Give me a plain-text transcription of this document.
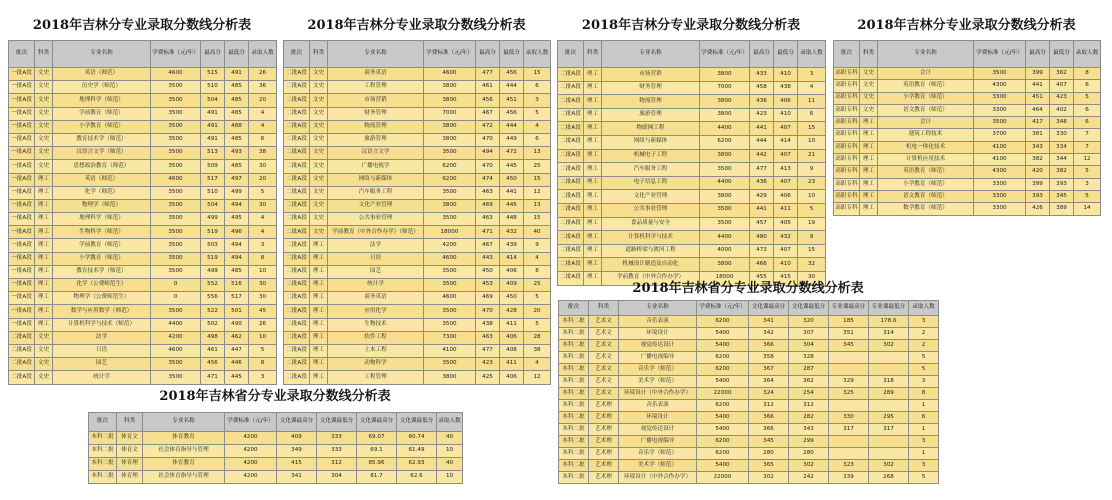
2018年吉林分专业录取分数线分析表
批次	科类	专业名称	学费标准（元/年）	最高分	最低分	录取人数
一批A段	文史	英语（师范）	4600	515	491	26
一批A段	文史	历史学（师范）	3500	510	485	36
一批A段	文史	地理科学（师范）	3500	504	485	20
一批A段	文史	学前教育（师范）	3500	491	485	4
一批A段	文史	小学教育（师范）	3500	491	488	4
一批A段	文史	教育技术学（师范）	3500	491	485	6
一批A段	文史	汉语言文学（师范）	3500	513	493	38
一批A段	文史	思想政治教育（师范）	3500	509	485	30
一批A段	理工	英语（师范）	4600	517	497	20
一批A段	理工	化学（师范）	3500	510	499	5
一批A段	理工	物理学（师范）	3500	504	494	30
一批A段	理工	地理科学（师范）	3500	499	495	4
一批A段	理工	生物科学（师范）	3500	519	496	4
一批A段	理工	学前教育（师范）	3500	503	494	3
一批A段	理工	小学教育（师范）	3500	519	494	8
一批A段	理工	教育技术学（师范）	3500	499	485	10
一批A段	理工	化学（公费师范生）	0	552	516	30
一批A段	理工	物理学（公费师范生）	0	556	517	30
一批A段	理工	数学与应用数学（师范）	3500	522	501	45
一批A段	理工	计算机科学与技术（师范）	4400	502	490	26
二批A段	文史	法学	4200	498	462	10
二批A段	文史	日语	4600	461	447	5
二批A段	文史	园艺	3500	456	446	8
二批A段	文史	统计学	3500	471	445	3
2018年吉林分专业录取分数线分析表
批次	科类	专业名称	学费标准（元/年）	最高分	最低分	录取人数
二批A段	文史	商务英语	4600	477	456	15
二批A段	文史	工程管理	3800	461	444	6
二批A段	文史	市场营销	3800	456	451	3
二批A段	文史	财务管理	7000	467	456	5
二批A段	文史	物流管理	3800	472	444	4
二批A段	文史	旅游管理	3800	470	449	6
二批A段	文史	汉语言文学	3500	494	472	13
二批A段	文史	广播电视学	6200	470	445	25
二批A段	文史	网络与新媒体	6200	474	450	15
二批A段	文史	汽车服务工程	3500	463	441	12
二批A段	文史	文化产业管理	3800	469	445	13
二批A段	文史	公共事业管理	3500	463	448	15
二批A段	文史	学前教育（中外合作办学）（师范）	18000	471	432	40
二批A段	理工	法学	4200	467	439	9
二批A段	理工	日语	4600	443	414	4
二批A段	理工	园艺	3500	450	406	8
二批A段	理工	统计学	3500	453	409	25
二批A段	理工	商务英语	4600	469	450	5
二批A段	理工	应用化学	3500	470	428	20
二批A段	理工	生物技术	3500	438	411	5
二批A段	理工	软件工程	7300	463	406	28
二批A段	理工	土木工程	4100	477	408	38
二批A段	理工	动物科学	3500	423	411	4
二批A段	理工	工程管理	3800	425	406	12
2018年吉林分专业录取分数线分析表
批次	科类	专业名称	学费标准（元/年）	最高分	最低分	录取人数
二批A段	理工	市场营销	3800	433	410	3
二批A段	理工	财务管理	7000	458	438	4
二批A段	理工	物流管理	3800	436	406	11
二批A段	理工	旅游管理	3800	423	410	6
二批A段	理工	物联网工程	4400	441	407	15
二批A段	理工	网络与新媒体	6200	444	414	10
二批A段	理工	机械电子工程	3800	442	407	21
二批A段	理工	汽车服务工程	3500	477	413	9
二批A段	理工	电子信息工程	4400	436	407	23
二批A段	理工	文化产业管理	3800	429	406	10
二批A段	理工	公共事业管理	3500	441	411	5
二批A段	理工	食品质量与安全	3500	457	405	19
二批A段	理工	计算机科学与技术	4400	480	432	9
二批A段	理工	道路桥梁与渡河工程	4000	473	407	15
二批A段	理工	机械设计制造及自动化	3800	466	410	32
二批A段	理工	学前教育（中外合作办学）	18000	455	415	30
2018年吉林分专业录取分数线分析表
批次	科类	专业名称	学费标准（元/年）	最高分	最低分	录取人数
高职专科	文史	会计	3500	399	362	8
高职专科	文史	英语教育（师范）	4300	441	407	6
高职专科	文史	小学教育（师范）	3300	451	423	5
高职专科	文史	语文教育（师范）	3300	464	402	6
高职专科	理工	会计	3500	417	348	6
高职专科	理工	建筑工程技术	3700	381	330	7
高职专科	理工	机电一体化技术	4100	343	334	7
高职专科	理工	计算机应用技术	4100	382	344	12
高职专科	理工	英语教育（师范）	4300	420	382	5
高职专科	理工	小学教育（师范）	3300	399	393	3
高职专科	理工	语文教育（师范）	3300	393	345	5
高职专科	理工	数学教育（师范）	3300	426	389	14
2018年吉林省分专业录取分数线分析表
批次	科类	专业名称	学费标准（元/年）	文化课最高分	文化课最低分	专业课最高分	专业课最低分	录取人数
本科二批	艺术文	音乐表演	6200	341	320	185	178.6	3
本科二批	艺术文	环境设计	5400	342	307	351	314	2
本科二批	艺术文	视觉传达设计	5400	366	304	345	302	2
本科二批	艺术文	广播电视编导	6200	358	328			5
本科二批	艺术文	音乐学（师范）	6200	367	287			5
本科二批	艺术文	美术学（师范）	5400	364	362	329	318	3
本科二批	艺术文	环境设计（中外合作办学）	22000	324	254	325	289	8
本科二批	艺术理	音乐表演	6200	312	312			1
本科二批	艺术理	环境设计	5400	366	282	330	295	6
本科二批	艺术理	视觉传达设计	5400	366	343	317	317	1
本科二批	艺术理	广播电视编导	6200	345	299			3
本科二批	艺术理	音乐学（师范）	6200	280	280			1
本科二批	艺术理	美术学（师范）	5400	365	302	323	302	3
本科二批	艺术理	环境设计（中外合作办学）	22000	302	242	339	268	5
2018年吉林省分专业录取分数线分析表
批次	科类	专业名称	学费标准（元/年）	文化课最高分	文化课最低分	文化课最高分	文化课最低分	录取人数
本科二批	体育文	体育教育	4200	409	333	69.07	60.74	40
本科二批	体育文	社会体育指导与管理	4200	349	333	69.1	61.49	10
本科二批	体育理	体育教育	4200	415	312	85.96	62.93	40
本科二批	体育理	社会体育指导与管理	4200	341	304	81.7	62.6	10
